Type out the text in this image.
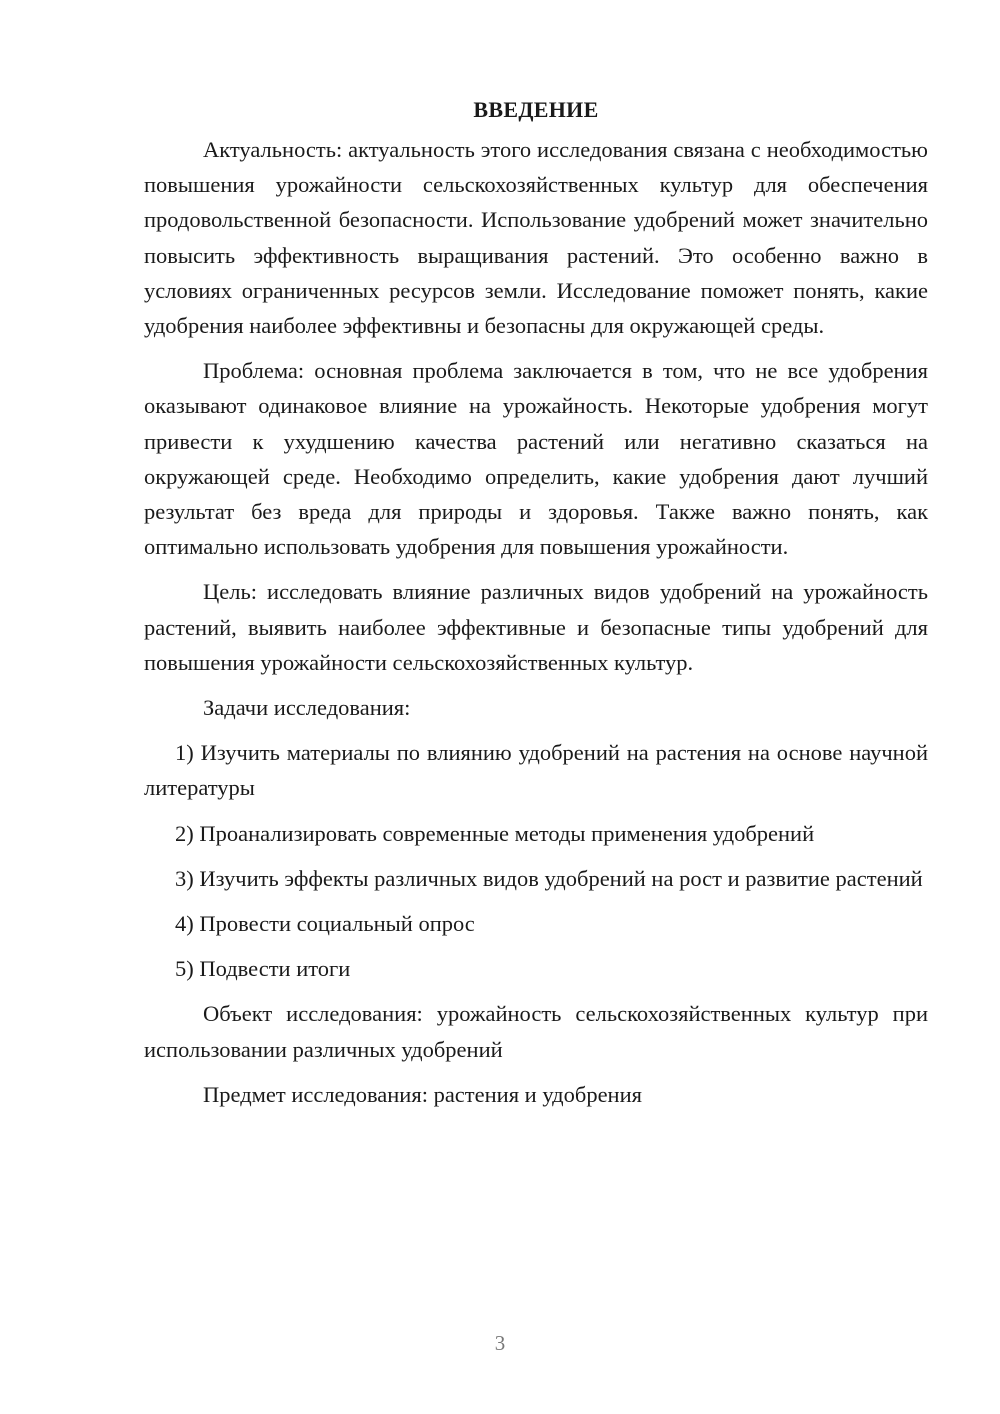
ВВЕДЕНИЕ

Актуальность: актуальность этого исследования связана с необходимостью повышения урожайности сельскохозяйственных культур для обеспечения продовольственной безопасности. Использование удобрений может значительно повысить эффективность выращивания растений. Это особенно важно в условиях ограниченных ресурсов земли. Исследование поможет понять, какие удобрения наиболее эффективны и безопасны для окружающей среды.

Проблема: основная проблема заключается в том, что не все удобрения оказывают одинаковое влияние на урожайность. Некоторые удобрения могут привести к ухудшению качества растений или негативно сказаться на окружающей среде. Необходимо определить, какие удобрения дают лучший результат без вреда для природы и здоровья. Также важно понять, как оптимально использовать удобрения для повышения урожайности.

Цель: исследовать влияние различных видов удобрений на урожайность растений, выявить наиболее эффективные и безопасные типы удобрений для повышения урожайности сельскохозяйственных культур.

Задачи исследования:

1) Изучить материалы по влиянию удобрений на растения на основе научной литературы

2) Проанализировать современные методы применения удобрений

3) Изучить эффекты различных видов удобрений на рост и развитие растений

4) Провести социальный опрос

5) Подвести итоги

Объект исследования: урожайность сельскохозяйственных культур при использовании различных удобрений

Предмет исследования: растения и удобрения

3
